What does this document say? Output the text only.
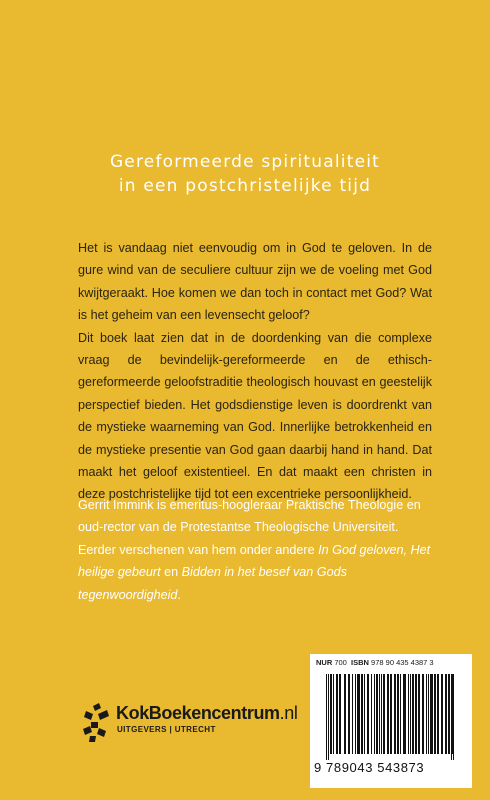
Gereformeerde spiritualiteit
in een postchristelijke tijd

Het is vandaag niet eenvoudig om in God te geloven. In de gure wind van de seculiere cultuur zijn we de voeling met God kwijtgeraakt. Hoe komen we dan toch in contact met God? Wat is het geheim van een levensecht geloof?

Dit boek laat zien dat in de doordenking van die complexe vraag de bevindelijk-gereformeerde en de ethisch-gereformeerde geloofstraditie theologisch houvast en geestelijk perspectief bieden. Het godsdienstige leven is doordrenkt van de mystieke waarneming van God. Innerlijke betrokkenheid en de mystieke presentie van God gaan daarbij hand in hand. Dat maakt het geloof existentieel. En dat maakt een christen in deze postchristelijke tijd tot een excentrieke persoonlijkheid.

Gerrit Immink is emeritus-hoogleraar Praktische Theologie en oud-rector van de Protestantse Theologische Universiteit. Eerder verschenen van hem onder andere In God geloven, Het heilige gebeurt en Bidden in het besef van Gods tegenwoordigheid.

KokBoekencentrum.nl
UITGEVERS | UTRECHT
NUR 700 ISBN 978 90 435 4387 3
9 789043 543873
